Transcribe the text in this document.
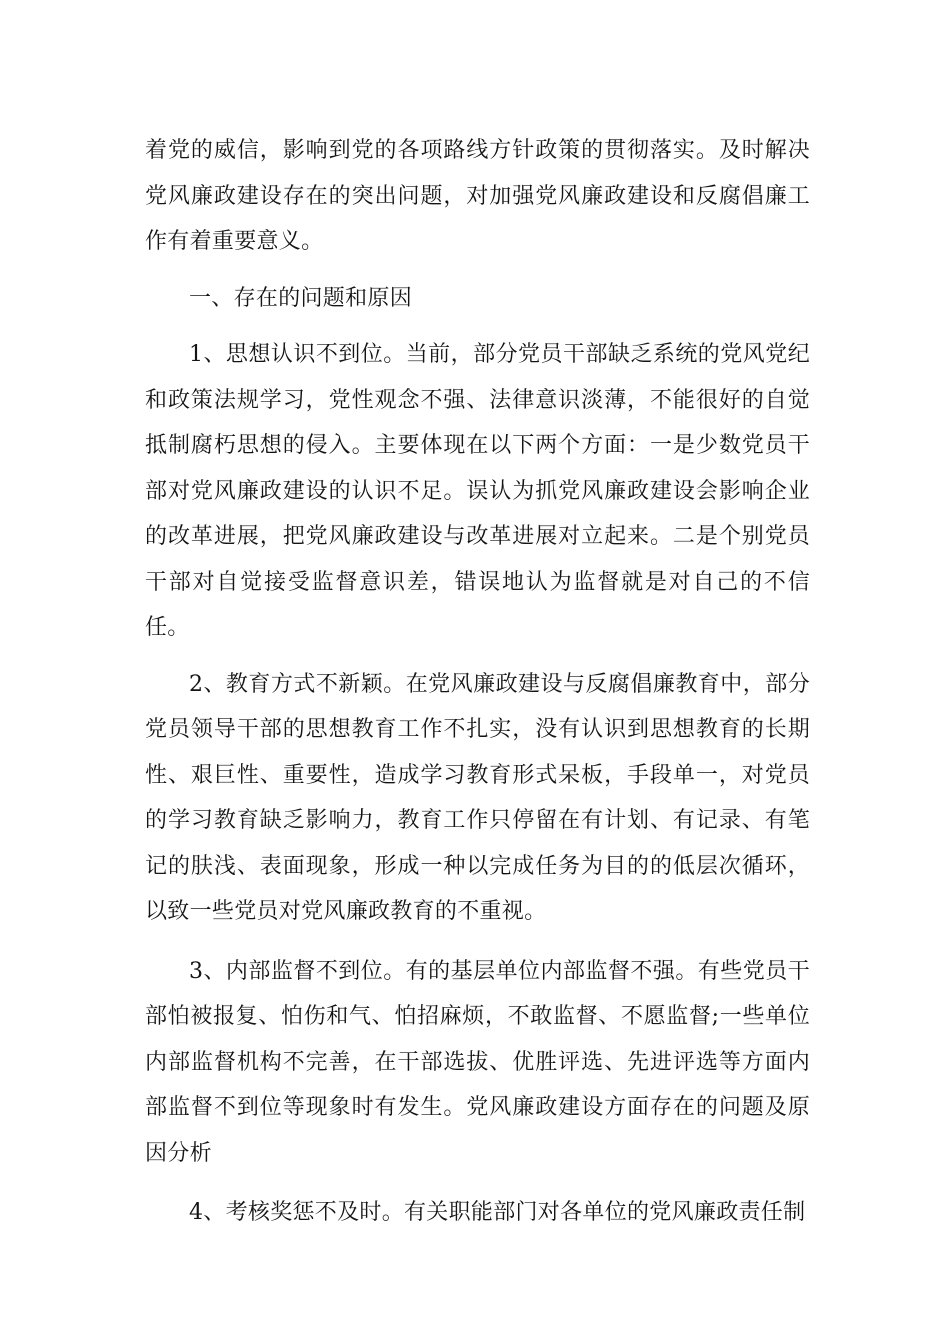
着党的威信，影响到党的各项路线方针政策的贯彻落实。及时解决党风廉政建设存在的突出问题，对加强党风廉政建设和反腐倡廉工作有着重要意义。

一、存在的问题和原因

1、思想认识不到位。当前，部分党员干部缺乏系统的党风党纪和政策法规学习，党性观念不强、法律意识淡薄，不能很好的自觉抵制腐朽思想的侵入。主要体现在以下两个方面：一是少数党员干部对党风廉政建设的认识不足。误认为抓党风廉政建设会影响企业的改革进展，把党风廉政建设与改革进展对立起来。二是个别党员干部对自觉接受监督意识差，错误地认为监督就是对自己的不信任。

2、教育方式不新颖。在党风廉政建设与反腐倡廉教育中，部分党员领导干部的思想教育工作不扎实，没有认识到思想教育的长期性、艰巨性、重要性，造成学习教育形式呆板，手段单一，对党员的学习教育缺乏影响力，教育工作只停留在有计划、有记录、有笔记的肤浅、表面现象，形成一种以完成任务为目的的低层次循环，以致一些党员对党风廉政教育的不重视。

3、内部监督不到位。有的基层单位内部监督不强。有些党员干部怕被报复、怕伤和气、怕招麻烦，不敢监督、不愿监督;一些单位内部监督机构不完善，在干部选拔、优胜评选、先进评选等方面内部监督不到位等现象时有发生。党风廉政建设方面存在的问题及原因分析

4、考核奖惩不及时。有关职能部门对各单位的党风廉政责任制
